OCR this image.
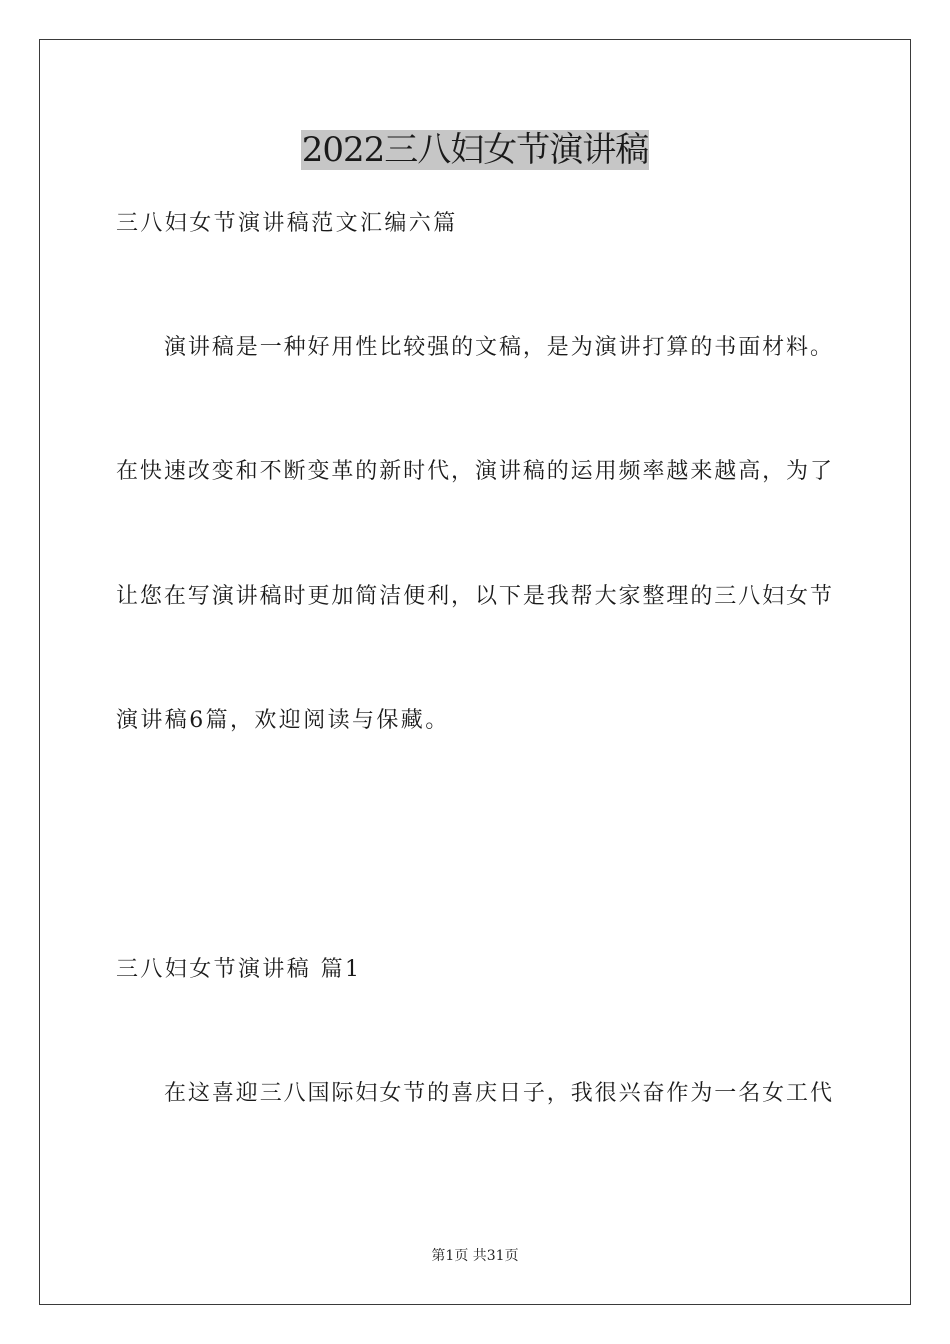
2022三八妇女节演讲稿
三八妇女节演讲稿范文汇编六篇
演讲稿是一种好用性比较强的文稿，是为演讲打算的书面材料。
在快速改变和不断变革的新时代，演讲稿的运用频率越来越高，为了
让您在写演讲稿时更加简洁便利，以下是我帮大家整理的三八妇女节
演讲稿6篇，欢迎阅读与保藏。
三八妇女节演讲稿 篇1
在这喜迎三八国际妇女节的喜庆日子，我很兴奋作为一名女工代
第1页 共31页
